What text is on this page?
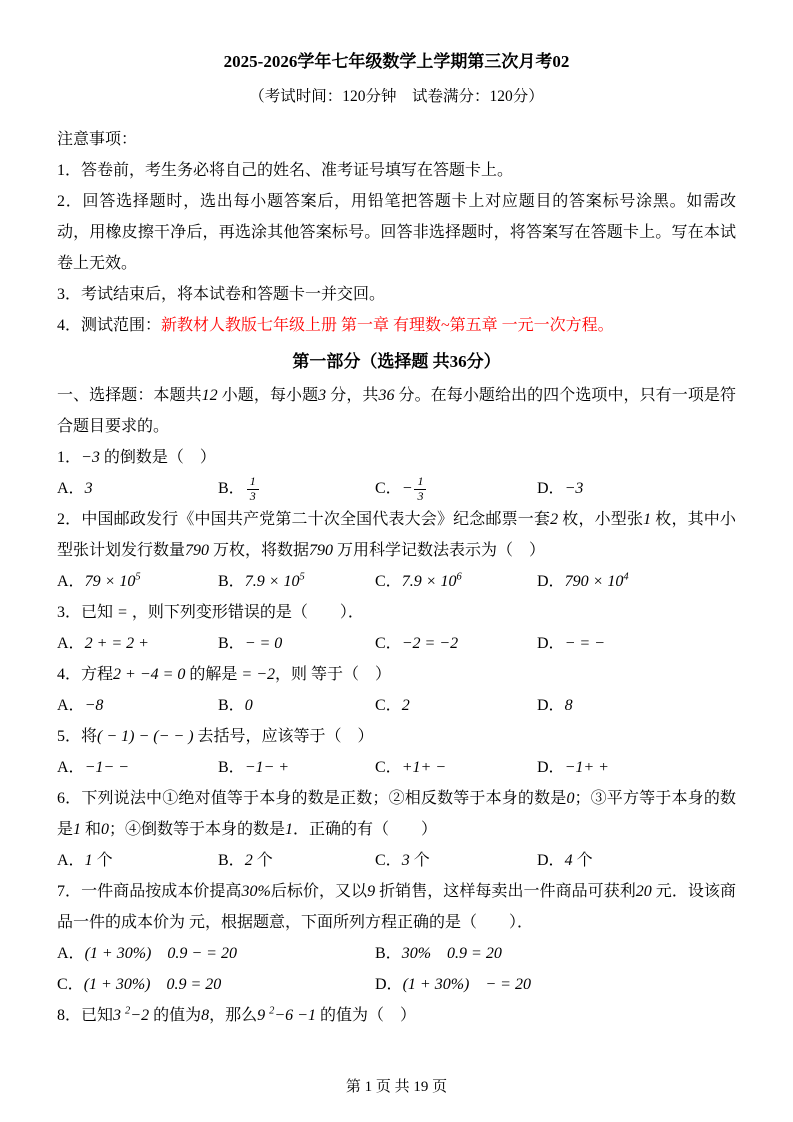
2025-2026学年七年级数学上学期第三次月考02
（考试时间：120分钟　试卷满分：120分）
注意事项：
1．答卷前，考生务必将自己的姓名、准考证号填写在答题卡上。
2．回答选择题时，选出每小题答案后，用铅笔把答题卡上对应题目的答案标号涂黑。如需改动，用橡皮擦干净后，再选涂其他答案标号。回答非选择题时，将答案写在答题卡上。写在本试卷上无效。
3．考试结束后，将本试卷和答题卡一并交回。
4．测试范围：新教材人教版七年级上册 第一章 有理数~第五章 一元一次方程。
第一部分（选择题 共36分）
一、选择题：本题共12 小题，每小题3 分，共36 分。在每小题给出的四个选项中，只有一项是符合题目要求的。
1．−3 的倒数是（　）
A．3	B． $\frac{1}{3}$	C．− $\frac{1}{3}$	D．−3
2．中国邮政发行《中国共产党第二十次全国代表大会》纪念邮票一套2 枚，小型张1 枚，其中小型张计划发行数量790 万枚，将数据790 万用科学记数法表示为（　）
A．$79 \times 10^5$	B．$7.9 \times 10^5$	C．$7.9 \times 10^6$	D．$790 \times 10^4$
3．已知 = ，则下列变形错误的是（　　）．
A．2 + = 2 +	B．− = 0	C．−2 = −2	D．− = −
4．方程2 + −4 = 0 的解是 = −2，则 等于（　）
A．−8	B．0	C．2	D．8
5．将( − 1) − (− − ) 去括号，应该等于（　）
A．−1− −	B．−1− +	C．+1+ −	D．−1+ +
6．下列说法中①绝对值等于本身的数是正数；②相反数等于本身的数是0；③平方等于本身的数是1 和0；④倒数等于本身的数是1．正确的有（　　）
A．1 个	B．2 个	C．3 个	D．4 个
7．一件商品按成本价提高30%后标价，又以9 折销售，这样每卖出一件商品可获利20 元．设该商品一件的成本价为 元，根据题意，下面所列方程正确的是（　　）．
A．(1 + 30%)　0.9 − = 20	B．30%　0.9 = 20
C．(1 + 30%)　0.9 = 20	D．(1 + 30%)　− = 20
8．已知3 $^2$−2 的值为8，那么9 $^2$−6 −1 的值为（　）
第 1 页 共 19 页
